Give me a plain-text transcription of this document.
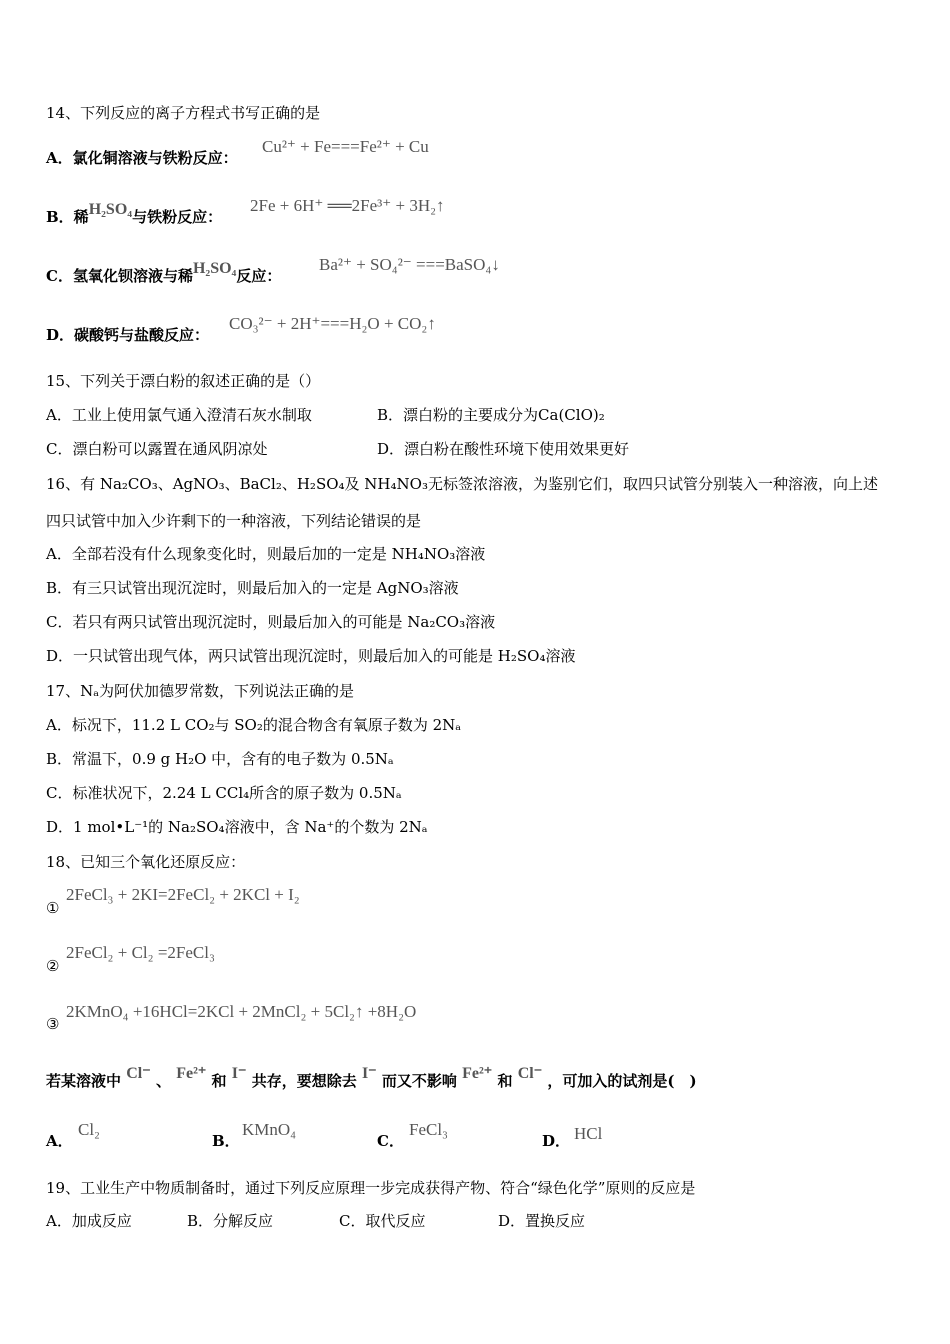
14、下列反应的离子方程式书写正确的是
A．氯化铜溶液与铁粉反应：
Cu²⁺ + Fe===Fe²⁺ + Cu
B．稀H₂SO₄与铁粉反应：
2Fe + 6H⁺ ══2Fe³⁺ + 3H₂↑
C．氢氧化钡溶液与稀H₂SO₄反应：
Ba²⁺ + SO₄²⁻ ===BaSO₄↓
D．碳酸钙与盐酸反应：
CO₃²⁻ + 2H⁺===H₂O + CO₂↑
15、下列关于漂白粉的叙述正确的是（）
A．工业上使用氯气通入澄清石灰水制取	B．漂白粉的主要成分为Ca(ClO)₂
C．漂白粉可以露置在通风阴凉处	D．漂白粉在酸性环境下使用效果更好
16、有 Na₂CO₃、AgNO₃、BaCl₂、H₂SO₄及 NH₄NO₃无标签浓溶液，为鉴别它们，取四只试管分别装入一种溶液，向上述
四只试管中加入少许剩下的一种溶液，下列结论错误的是
A．全部若没有什么现象变化时，则最后加的一定是 NH₄NO₃溶液
B．有三只试管出现沉淀时，则最后加入的一定是 AgNO₃溶液
C．若只有两只试管出现沉淀时，则最后加入的可能是 Na₂CO₃溶液
D．一只试管出现气体，两只试管出现沉淀时，则最后加入的可能是 H₂SO₄溶液
17、Nₐ为阿伏加德罗常数，下列说法正确的是
A．标况下，11.2 L CO₂与 SO₂的混合物含有氧原子数为 2Nₐ
B．常温下，0.9 g H₂O 中，含有的电子数为 0.5Nₐ
C．标准状况下，2.24 L CCl₄所含的原子数为 0.5Nₐ
D．1 mol•L⁻¹的 Na₂SO₄溶液中，含 Na⁺的个数为 2Nₐ
18、已知三个氧化还原反应：
①
2FeCl₃ + 2KI=2FeCl₂ + 2KCl + I₂
②
2FeCl₂ + Cl₂ =2FeCl₃
③
2KMnO₄ +16HCl=2KCl + 2MnCl₂ + 5Cl₂↑ +8H₂O
若某溶液中 Cl⁻ 、 Fe²⁺ 和 I⁻ 共存，要想除去 I⁻ 而又不影响 Fe²⁺ 和 Cl⁻ ，可加入的试剂是(　)
A．
Cl₂
B．
KMnO₄
C．
FeCl₃
D． HCl
19、工业生产中物质制备时，通过下列反应原理一步完成获得产物、符合“绿色化学”原则的反应是
A．加成反应	B．分解反应	C．取代反应	D．置换反应
